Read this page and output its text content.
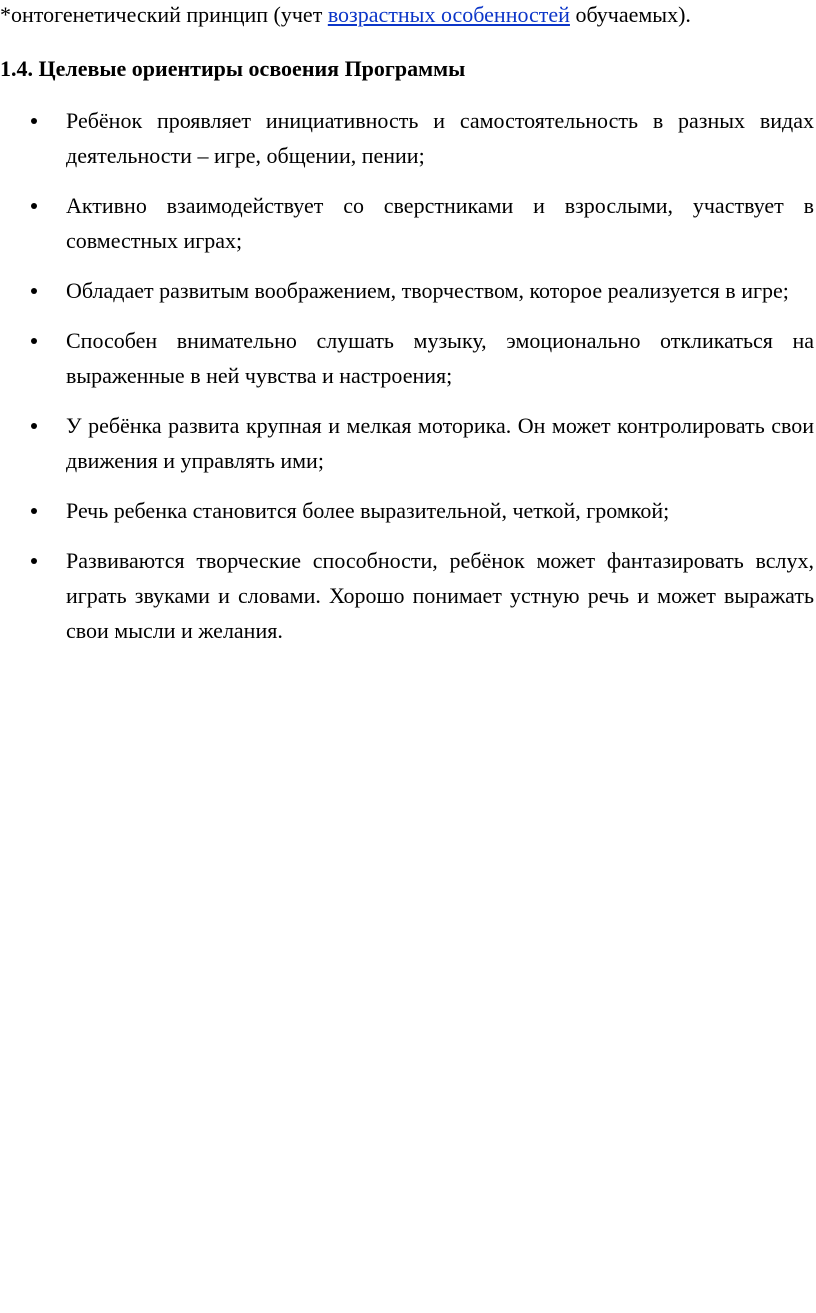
*онтогенетический принцип (учет возрастных особенностей обучаемых).
1.4. Целевые ориентиры освоения Программы
Ребёнок проявляет инициативность и самостоятельность в разных видах деятельности – игре, общении, пении;
Активно взаимодействует со сверстниками и взрослыми, участвует в совместных играх;
Обладает развитым воображением, творчеством, которое реализуется в игре;
Способен внимательно слушать музыку, эмоционально откликаться на выраженные в ней чувства и настроения;
У ребёнка развита крупная и мелкая моторика. Он может контролировать свои движения и управлять ими;
Речь ребенка становится более выразительной, четкой, громкой;
Развиваются творческие способности, ребёнок может фантазировать вслух, играть звуками и словами. Хорошо понимает устную речь и может выражать свои мысли и желания.
